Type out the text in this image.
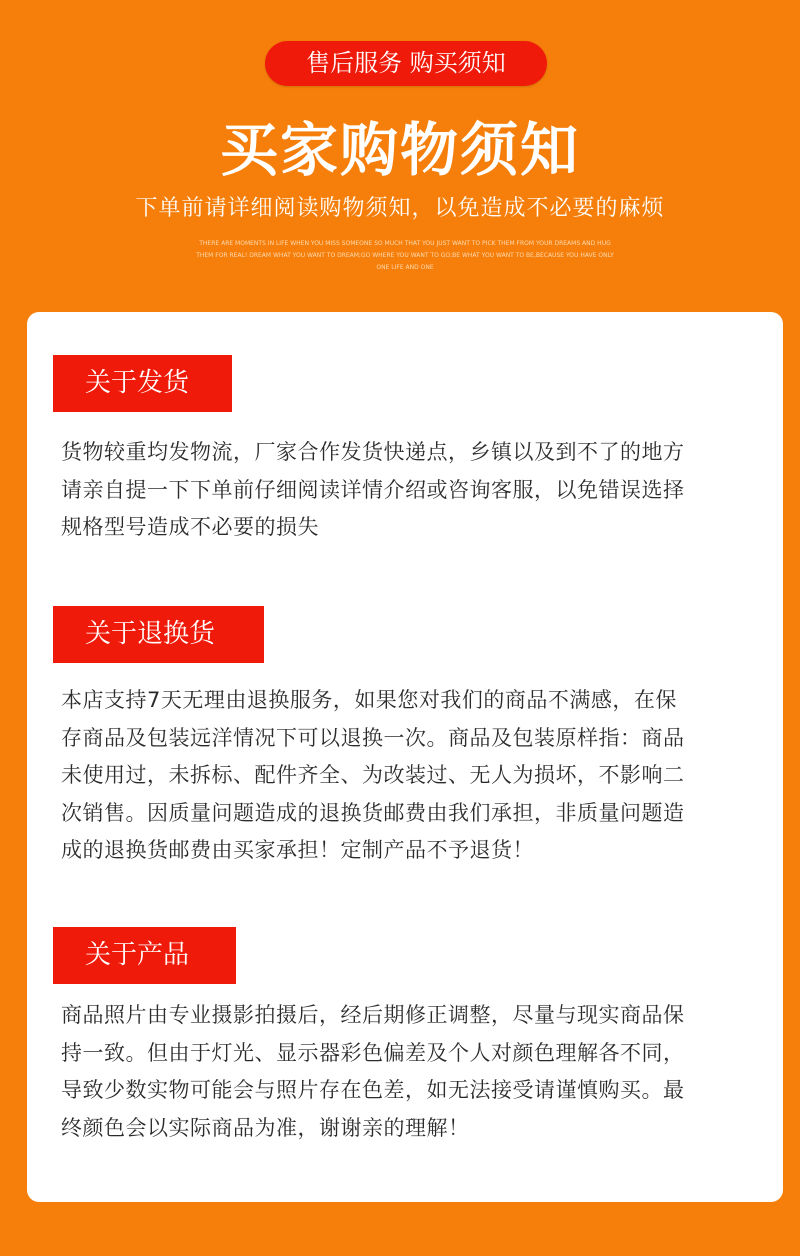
售后服务 购买须知
买家购物须知
下单前请详细阅读购物须知，以免造成不必要的麻烦
THERE ARE MOMENTS IN LIFE WHEN YOU MISS SOMEONE SO MUCH THAT YOU JUST WANT TO PICK THEM FROM YOUR DREAMS AND HUG THEM FOR REAL! DREAM WHAT YOU WANT TO DREAM;GO WHERE YOU WANT TO GO;BE WHAT YOU WANT TO BE,BECAUSE YOU HAVE ONLY ONE LIFE AND ONE
关于发货
货物较重均发物流，厂家合作发货快递点，乡镇以及到不了的地方
请亲自提一下下单前仔细阅读详情介绍或咨询客服，以免错误选择
规格型号造成不必要的损失
关于退换货
本店支持7天无理由退换服务，如果您对我们的商品不满感，在保
存商品及包装远洋情况下可以退换一次。商品及包装原样指：商品
未使用过，未拆标、配件齐全、为改装过、无人为损坏，不影响二
次销售。因质量问题造成的退换货邮费由我们承担，非质量问题造
成的退换货邮费由买家承担！定制产品不予退货！
关于产品
商品照片由专业摄影拍摄后，经后期修正调整，尽量与现实商品保
持一致。但由于灯光、显示器彩色偏差及个人对颜色理解各不同，
导致少数实物可能会与照片存在色差，如无法接受请谨慎购买。最
终颜色会以实际商品为准，谢谢亲的理解！
